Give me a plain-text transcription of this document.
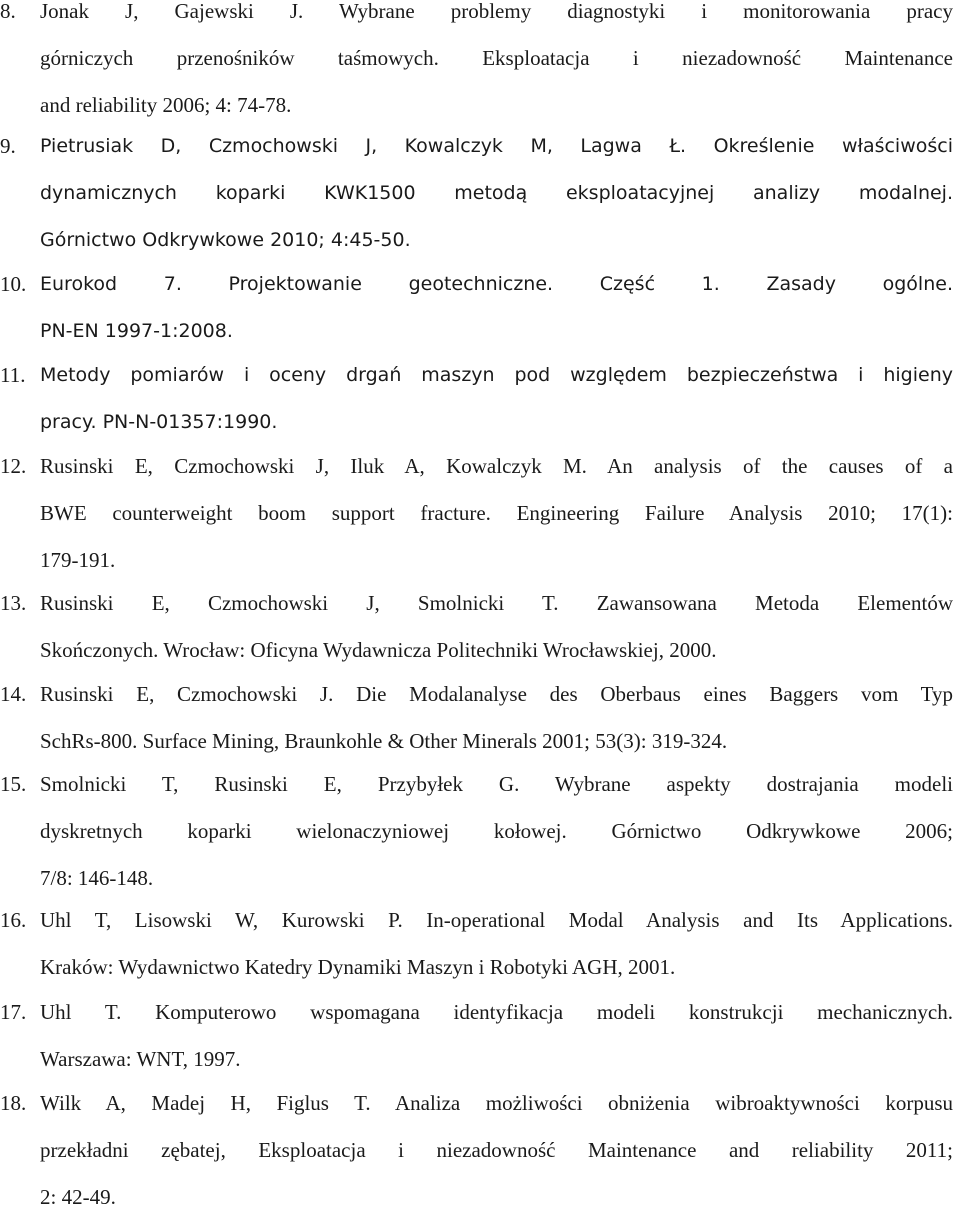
8. Jonak J, Gajewski J. Wybrane problemy diagnostyki i monitorowania pracy
górniczych przenośników taśmowych. Eksploatacja i niezadowność Maintenance
and reliability 2006; 4: 74-78.
9. Pietrusiak D, Czmochowski J, Kowalczyk M, Lagwa Ł. Określenie właściwości
dynamicznych koparki KWK1500 metodą eksploatacyjnej analizy modalnej.
Górnictwo Odkrywkowe 2010; 4:45-50.
10. Eurokod 7. Projektowanie geotechniczne. Część 1. Zasady ogólne.
PN-EN 1997-1:2008.
11. Metody pomiarów i oceny drgań maszyn pod względem bezpieczeństwa i higieny
pracy. PN-N-01357:1990.
12. Rusinski E, Czmochowski J, Iluk A, Kowalczyk M. An analysis of the causes of a
BWE counterweight boom support fracture. Engineering Failure Analysis 2010; 17(1):
179-191.
13. Rusinski E, Czmochowski J, Smolnicki T. Zawansowana Metoda Elementów
Skończonych. Wrocław: Oficyna Wydawnicza Politechniki Wrocławskiej, 2000.
14. Rusinski E, Czmochowski J. Die Modalanalyse des Oberbaus eines Baggers vom Typ
SchRs-800. Surface Mining, Braunkohle & Other Minerals 2001; 53(3): 319-324.
15. Smolnicki T, Rusinski E, Przybyłek G. Wybrane aspekty dostrajania modeli
dyskretnych koparki wielonaczyniowej kołowej. Górnictwo Odkrywkowe 2006;
7/8: 146-148.
16. Uhl T, Lisowski W, Kurowski P. In-operational Modal Analysis and Its Applications.
Kraków: Wydawnictwo Katedry Dynamiki Maszyn i Robotyki AGH, 2001.
17. Uhl T. Komputerowo wspomagana identyfikacja modeli konstrukcji mechanicznych.
Warszawa: WNT, 1997.
18. Wilk A, Madej H, Figlus T. Analiza możliwości obniżenia wibroaktywności korpusu
przekładni zębatej, Eksploatacja i niezadowność Maintenance and reliability 2011;
2: 42-49.
